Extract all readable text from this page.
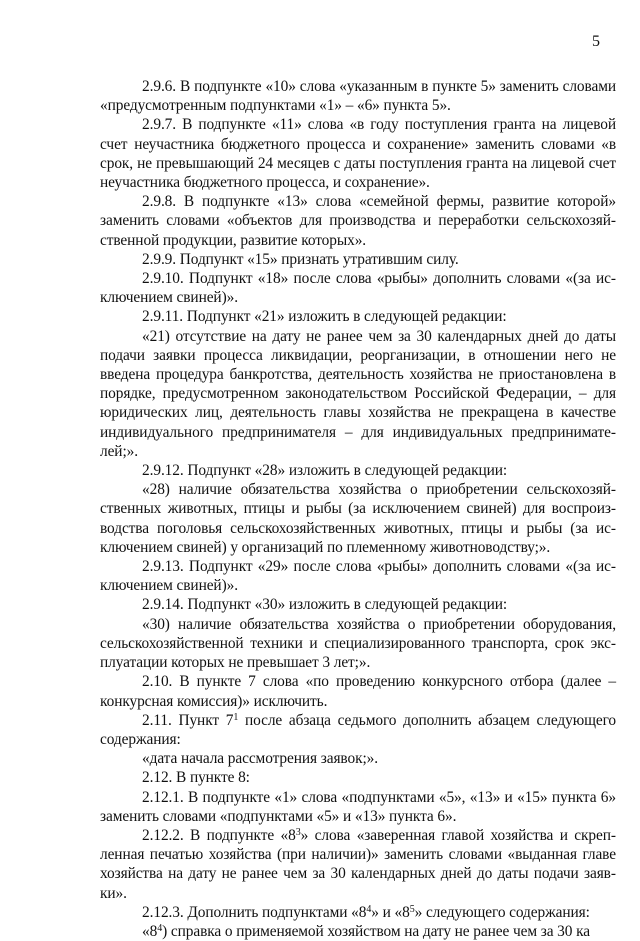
5

2.9.6. В подпункте «10» слова «указанным в пункте 5» заменить словами «предусмотренным подпунктами «1» – «6» пункта 5».

2.9.7. В подпункте «11» слова «в году поступления гранта на лицевой счет неучастника бюджетного процесса и сохранение» заменить словами «в срок, не превышающий 24 месяцев с даты поступления гранта на лицевой счет неучастника бюджетного процесса, и сохранение».

2.9.8. В подпункте «13» слова «семейной фермы, развитие которой» заменить словами «объектов для производства и переработки сельскохозяйственной продукции, развитие которых».

2.9.9. Подпункт «15» признать утратившим силу.

2.9.10. Подпункт «18» после слова «рыбы» дополнить словами «(за исключением свиней)».

2.9.11. Подпункт «21» изложить в следующей редакции:

«21) отсутствие на дату не ранее чем за 30 календарных дней до даты подачи заявки процесса ликвидации, реорганизации, в отношении него не введена процедура банкротства, деятельность хозяйства не приостановлена в порядке, предусмотренном законодательством Российской Федерации, – для юридических лиц, деятельность главы хозяйства не прекращена в качестве индивидуального предпринимателя – для индивидуальных предпринимателей;».

2.9.12. Подпункт «28» изложить в следующей редакции:

«28) наличие обязательства хозяйства о приобретении сельскохозяйственных животных, птицы и рыбы (за исключением свиней) для воспроизводства поголовья сельскохозяйственных животных, птицы и рыбы (за исключением свиней) у организаций по племенному животноводству;».

2.9.13. Подпункт «29» после слова «рыбы» дополнить словами «(за исключением свиней)».

2.9.14. Подпункт «30» изложить в следующей редакции:

«30) наличие обязательства хозяйства о приобретении оборудования, сельскохозяйственной техники и специализированного транспорта, срок эксплуатации которых не превышает 3 лет;».

2.10. В пункте 7 слова «по проведению конкурсного отбора (далее – конкурсная комиссия)» исключить.

2.11. Пункт $7^1$ после абзаца седьмого дополнить абзацем следующего содержания:

«дата начала рассмотрения заявок;».

2.12. В пункте 8:

2.12.1. В подпункте «1» слова «подпунктами «5», «13» и «15» пункта 6» заменить словами «подпунктами «5» и «13» пункта 6».

2.12.2. В подпункте «$8^3$» слова «заверенная главой хозяйства и скрепленная печатью хозяйства (при наличии)» заменить словами «выданная главе хозяйства на дату не ранее чем за 30 календарных дней до даты подачи заявки».

2.12.3. Дополнить подпунктами «$8^4$» и «$8^5$» следующего содержания:

«$8^4$) справка о применяемой хозяйством на дату не ранее чем за 30 ка
